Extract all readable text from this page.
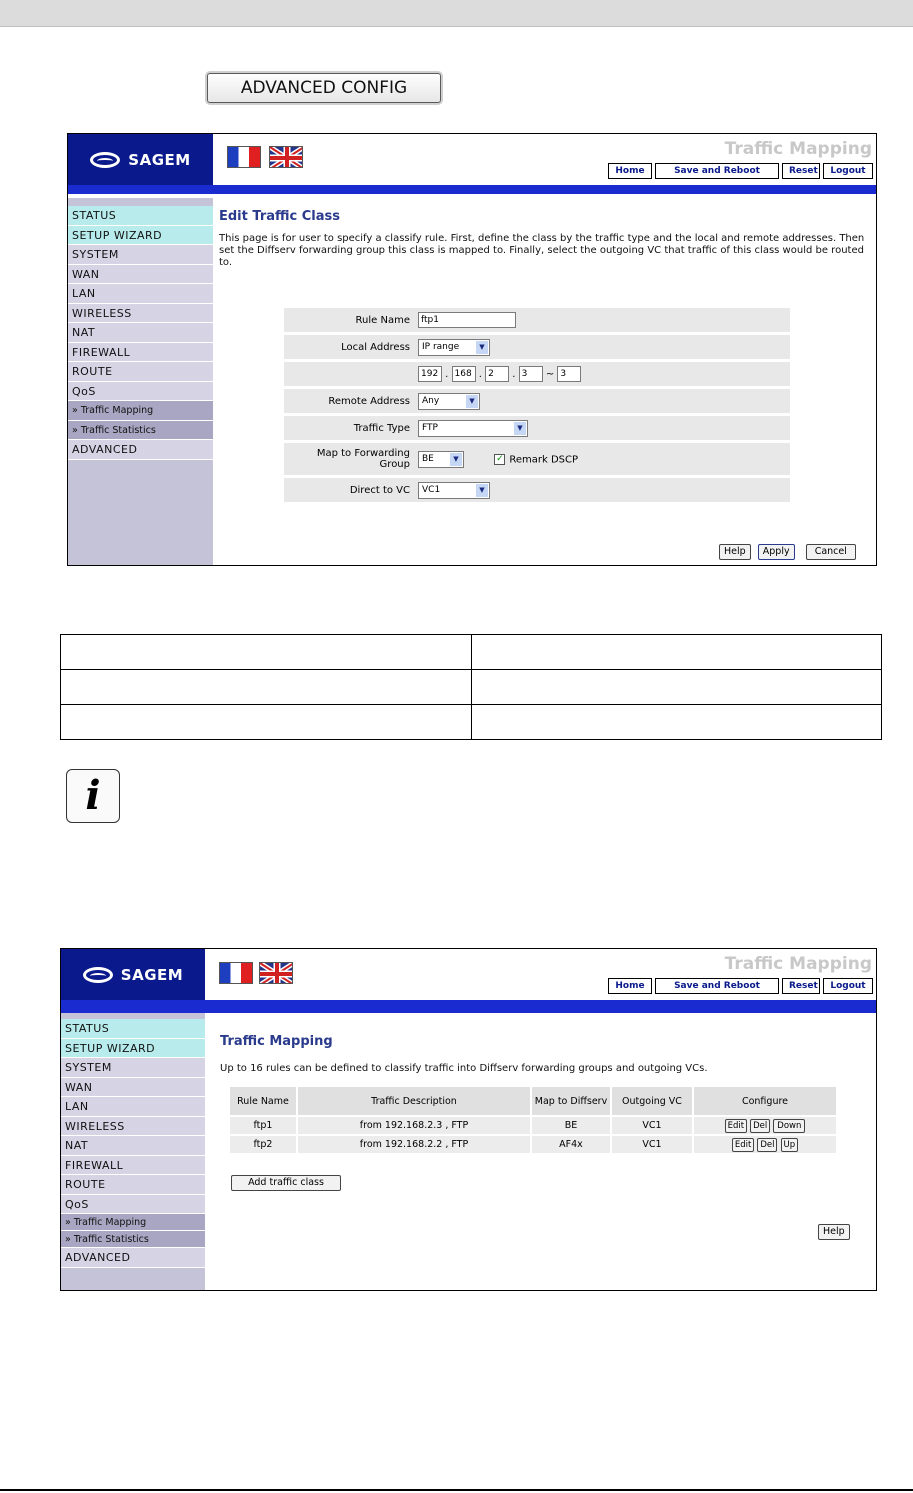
ADVANCED CONFIG
SAGEM
Traffic Mapping
Home	Save and Reboot	Reset	Logout
STATUS
SETUP WIZARD
SYSTEM
WAN
LAN
WIRELESS
NAT
FIREWALL
ROUTE
QoS
» Traffic Mapping
» Traffic Statistics
ADVANCED
Edit Traffic Class

This page is for user to specify a classify rule. First, define the class by the traffic type and the local and remote addresses. Then set the Diffserv forwarding group this class is mapped to. Finally, select the outgoing VC that traffic of this class would be routed to.

Rule Name	ftp1
Local Address	IP range ▼

	192 . 168 . 2 . 3 ~ 3
Remote Address	Any ▼

Traffic Type	FTP ▼

Map to Forwarding Group	BE ▼ ✓ Remark DSCP
Direct to VC	VC1 ▼
Help Apply	Cancel

i
SAGEM
Traffic Mapping
Home	Save and Reboot	Reset	Logout
STATUS
SETUP WIZARD
SYSTEM
WAN
LAN
WIRELESS
NAT
FIREWALL
ROUTE
QoS
» Traffic Mapping
» Traffic Statistics
ADVANCED
Traffic Mapping

Up to 16 rules can be defined to classify traffic into Diffserv forwarding groups and outgoing VCs.

Rule Name	Traffic Description	Map to Diffserv	Outgoing VC	Configure
ftp1	from 192.168.2.3 , FTP	BE	VC1	Edit Del Down
ftp2	from 192.168.2.2 , FTP	AF4x	VC1	Edit Del Up
Add traffic class
Help
